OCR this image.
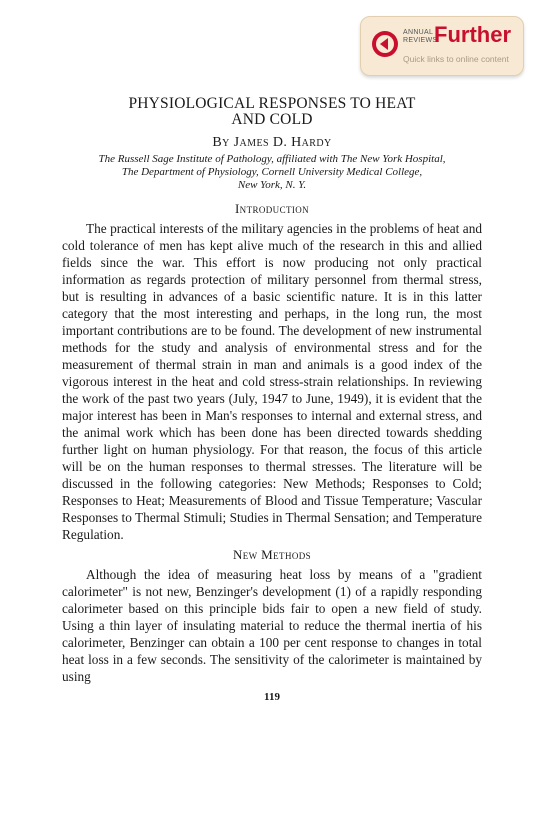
ANNUAL
REVIEWS
Further
Quick links to online content
PHYSIOLOGICAL RESPONSES TO HEAT
AND COLD
By James D. Hardy
The Russell Sage Institute of Pathology, affiliated with The New York Hospital,
The Department of Physiology, Cornell University Medical College,
New York, N. Y.
Introduction

The practical interests of the military agencies in the problems of heat and cold tolerance of men has kept alive much of the research in this and allied fields since the war. This effort is now producing not only practical information as regards protection of military personnel from thermal stress, but is resulting in advances of a basic scientific nature. It is in this latter category that the most interesting and perhaps, in the long run, the most important contributions are to be found. The development of new instrumental methods for the study and analysis of environmental stress and for the measurement of thermal strain in man and animals is a good index of the vigorous interest in the heat and cold stress-strain relationships. In reviewing the work of the past two years (July, 1947 to June, 1949), it is evident that the major interest has been in Man's responses to internal and external stress, and the animal work which has been done has been directed towards shedding further light on human physiology. For that reason, the focus of this article will be on the human responses to thermal stresses. The literature will be discussed in the following categories: New Methods; Responses to Cold; Responses to Heat; Measurements of Blood and Tissue Temperature; Vascular Responses to Thermal Stimuli; Studies in Thermal Sensation; and Temperature Regulation.

New Methods

Although the idea of measuring heat loss by means of a "gradient calorimeter" is not new, Benzinger's development (1) of a rapidly responding calorimeter based on this principle bids fair to open a new field of study. Using a thin layer of insulating material to reduce the thermal inertia of his calorimeter, Benzinger can obtain a 100 per cent response to changes in total heat loss in a few seconds. The sensitivity of the calorimeter is maintained by using

119
